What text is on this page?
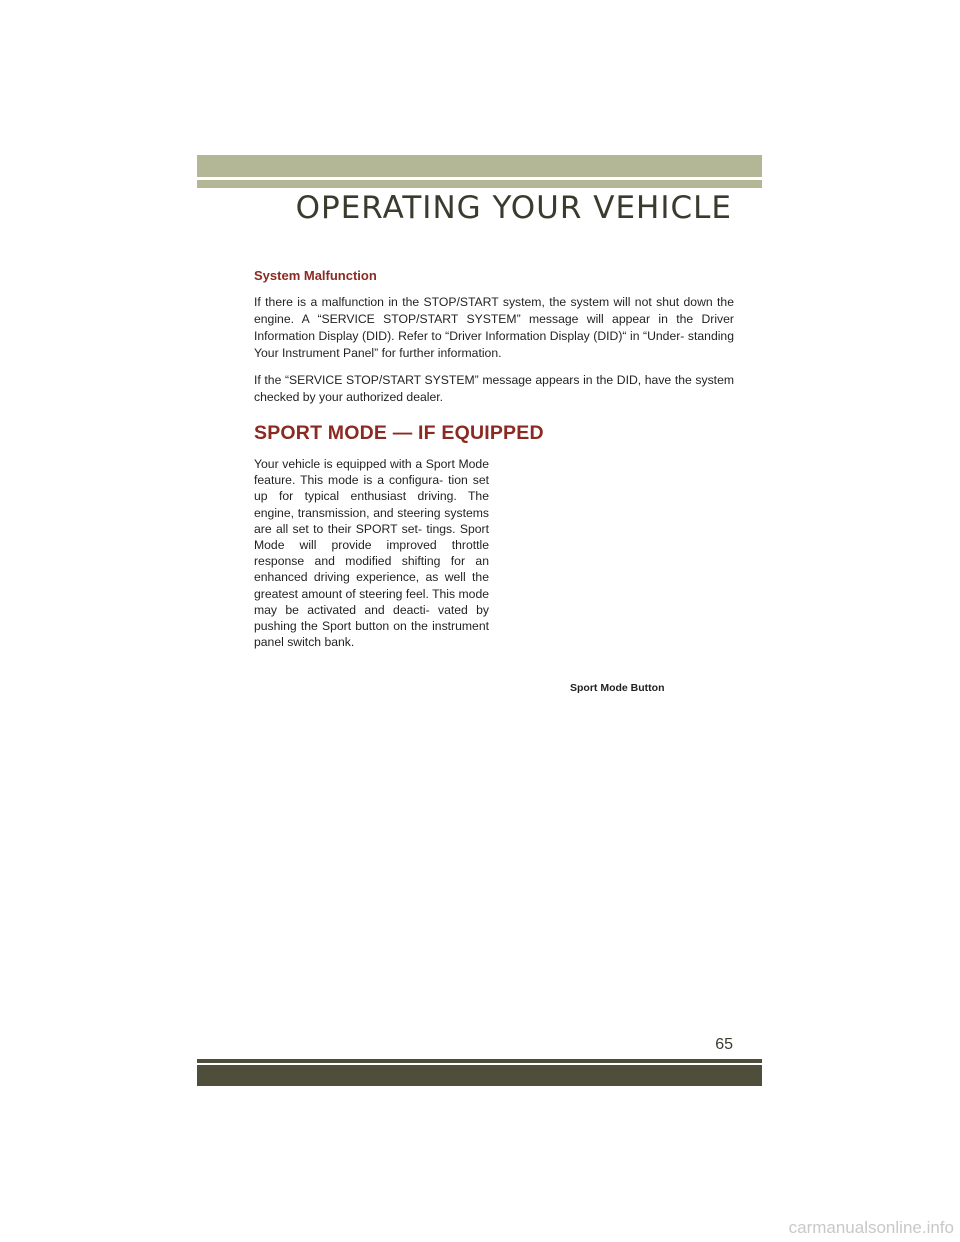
OPERATING YOUR VEHICLE
System Malfunction

If there is a malfunction in the STOP/START system, the system will not shut down the engine. A “SERVICE STOP/START SYSTEM” message will appear in the Driver Information Display (DID). Refer to “Driver Information Display (DID)“ in “Under- standing Your Instrument Panel” for further information.

If the “SERVICE STOP/START SYSTEM” message appears in the DID, have the system checked by your authorized dealer.

SPORT MODE — IF EQUIPPED

Your vehicle is equipped with a Sport Mode feature. This mode is a configura- tion set up for typical enthusiast driving. The engine, transmission, and steering systems are all set to their SPORT set- tings. Sport Mode will provide improved throttle response and modified shifting for an enhanced driving experience, as well the greatest amount of steering feel. This mode may be activated and deacti- vated by pushing the Sport button on the instrument panel switch bank.

Sport Mode Button
65
carmanualsonline.info
